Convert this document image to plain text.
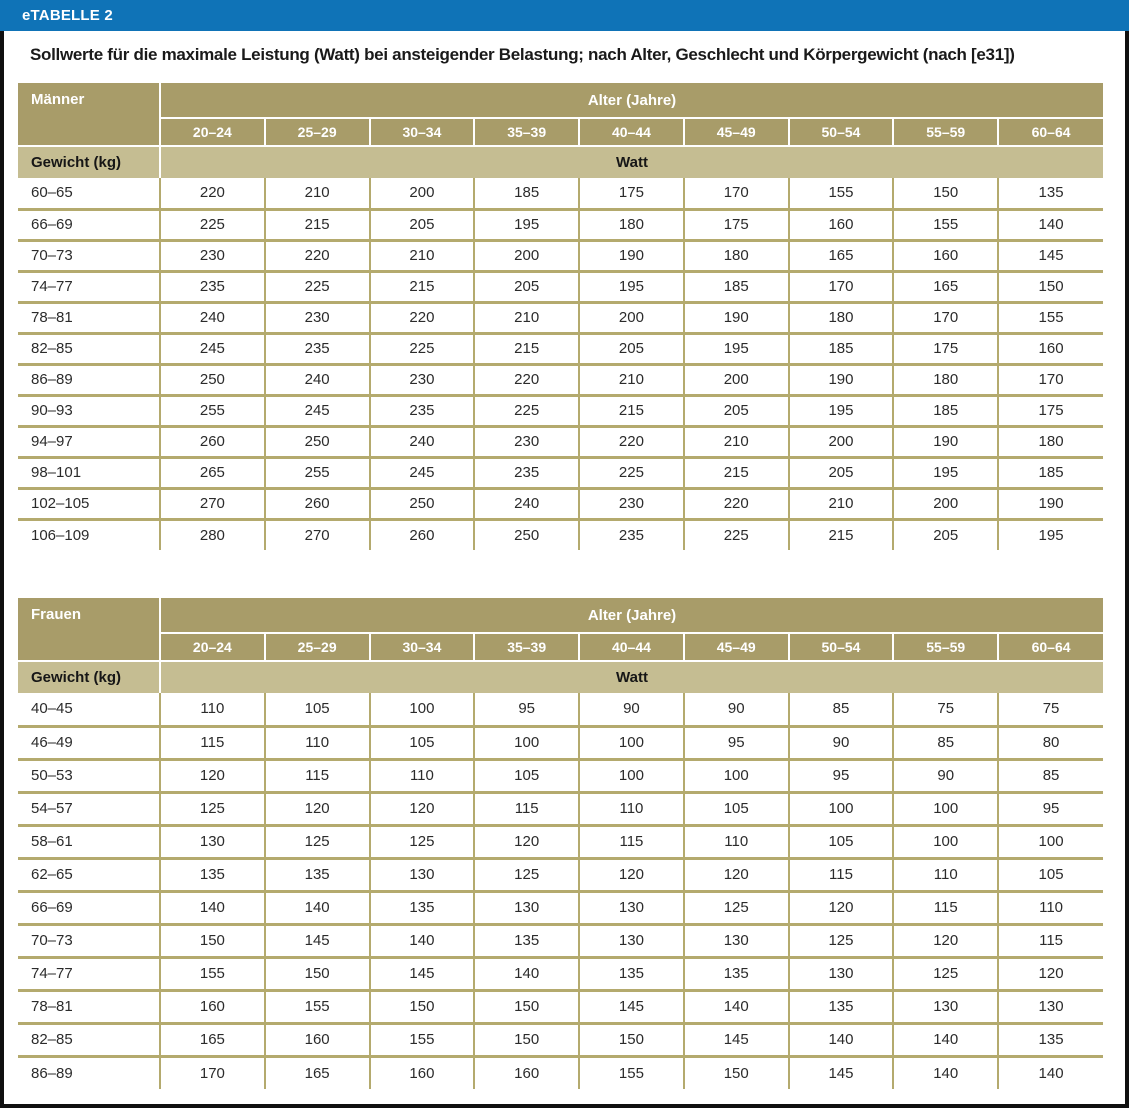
eTABELLE 2
Sollwerte für die maximale Leistung (Watt) bei ansteigender Belastung; nach Alter, Geschlecht und Körpergewicht (nach [e31])
Männer	Alter (Jahre)								
	20–24	25–29	30–34	35–39	40–44	45–49	50–54	55–59	60–64
Gewicht (kg)	Watt								
60–65	220	210	200	185	175	170	155	150	135
66–69	225	215	205	195	180	175	160	155	140
70–73	230	220	210	200	190	180	165	160	145
74–77	235	225	215	205	195	185	170	165	150
78–81	240	230	220	210	200	190	180	170	155
82–85	245	235	225	215	205	195	185	175	160
86–89	250	240	230	220	210	200	190	180	170
90–93	255	245	235	225	215	205	195	185	175
94–97	260	250	240	230	220	210	200	190	180
98–101	265	255	245	235	225	215	205	195	185
102–105	270	260	250	240	230	220	210	200	190
106–109	280	270	260	250	235	225	215	205	195
Frauen	Alter (Jahre)								
	20–24	25–29	30–34	35–39	40–44	45–49	50–54	55–59	60–64
Gewicht (kg)	Watt								
40–45	110	105	100	95	90	90	85	75	75
46–49	115	110	105	100	100	95	90	85	80
50–53	120	115	110	105	100	100	95	90	85
54–57	125	120	120	115	110	105	100	100	95
58–61	130	125	125	120	115	110	105	100	100
62–65	135	135	130	125	120	120	115	110	105
66–69	140	140	135	130	130	125	120	115	110
70–73	150	145	140	135	130	130	125	120	115
74–77	155	150	145	140	135	135	130	125	120
78–81	160	155	150	150	145	140	135	130	130
82–85	165	160	155	150	150	145	140	140	135
86–89	170	165	160	160	155	150	145	140	140
